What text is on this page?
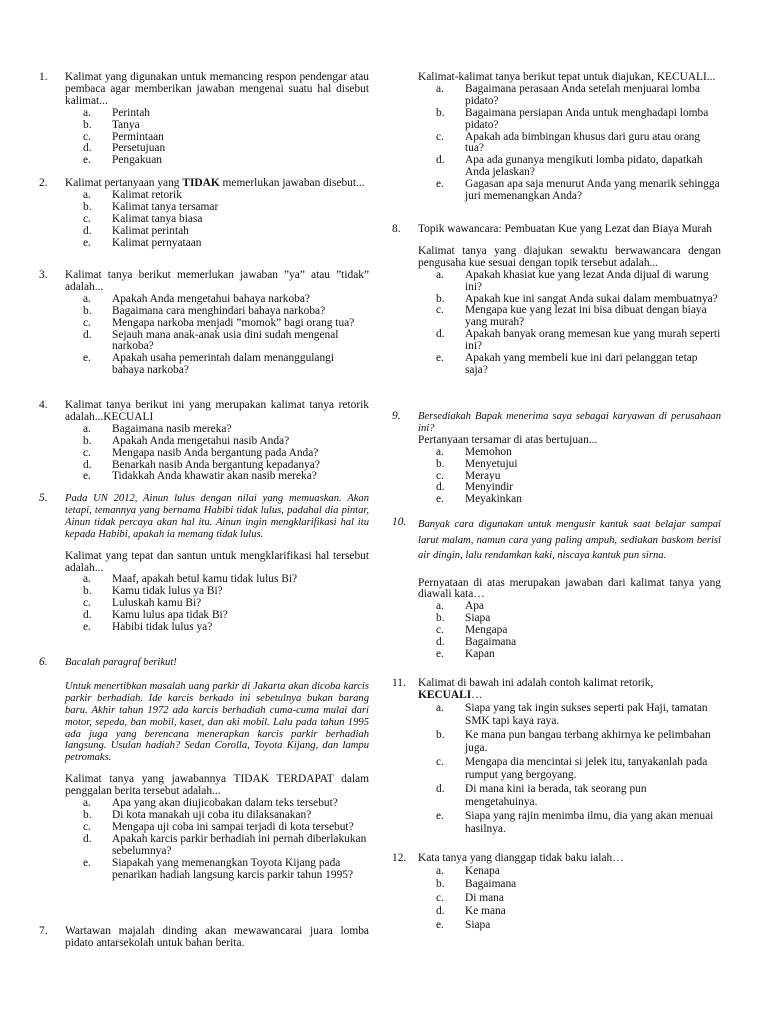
1. Kalimat yang digunakan untuk memancing respon pendengar atau pembaca agar memberikan jawaban mengenai suatu hal disebut kalimat...
a. Perintah
b. Tanya
c. Permintaan
d. Persetujuan
e. Pengakuan
2. Kalimat pertanyaan yang TIDAK memerlukan jawaban disebut...
a. Kalimat retorik
b. Kalimat tanya tersamar
c. Kalimat tanya biasa
d. Kalimat perintah
e. Kalimat pernyataan
3. Kalimat tanya berikut memerlukan jawaban ”ya” atau ”tidak” adalah...
a. Apakah Anda mengetahui bahaya narkoba?
b. Bagaimana cara menghindari bahaya narkoba?
c. Mengapa narkoba menjadi ”momok” bagi orang tua?
d. Sejauh mana anak-anak usia dini sudah mengenal narkoba?
e. Apakah usaha pemerintah dalam menanggulangi bahaya narkoba?
4. Kalimat tanya berikut ini yang merupakan kalimat tanya retorik adalah...KECUALI
a. Bagaimana nasib mereka?
b. Apakah Anda mengetahui nasib Anda?
c. Mengapa nasib Anda bergantung pada Anda?
d. Benarkah nasib Anda bergantung kepadanya?
e. Tidakkah Anda khawatir akan nasib mereka?
5. Pada UN 2012, Ainun lulus dengan nilai yang memuaskan. Akan tetapi, temannya yang bernama Habibi tidak lulus, padahal dia pintar, Ainun tidak percaya akan hal itu. Ainun ingin mengklarifikasi hal itu kepada Habibi, apakah ia memang tidak lulus.
Kalimat yang tepat dan santun untuk mengklarifikasi hal tersebut adalah...
a. Maaf, apakah betul kamu tidak lulus Bi?
b. Kamu tidak lulus ya Bi?
c. Luluskah kamu Bi?
d. Kamu lulus apa tidak Bi?
e. Habibi tidak lulus ya?
6. Bacalah paragraf berikut!
Untuk menertibkan masalah uang parkir di Jakarta akan dicoba karcis parkir berhadiah. Ide karcis berkado ini sebetulnya bukan barang baru. Akhir tahun 1972 ada karcis berhadiah cuma-cuma mulai dari motor, sepeda, ban mobil, kaset, dan aki mobil. Lalu pada tahun 1995 ada juga yang berencana menerapkan karcis parkir berhadiah langsung. Usulan hadiah? Sedan Corolla, Toyota Kijang, dan lampu petromaks.
Kalimat tanya yang jawabannya TIDAK TERDAPAT dalam penggalan berita tersebut adalah...
a. Apa yang akan diujicobakan dalam teks tersebut?
b. Di kota manakah uji coba itu dilaksanakan?
c. Mengapa uji coba ini sampai terjadi di kota tersebut?
d. Apakah karcis parkir berhadiah ini pernah diberlakukan sebelumnya?
e. Siapakah yang memenangkan Toyota Kijang pada penarikan hadiah langsung karcis parkir tahun 1995?
7. Wartawan majalah dinding akan mewawancarai juara lomba pidato antarsekolah untuk bahan berita.
Kalimat-kalimat tanya berikut tepat untuk diajukan, KECUALI...
a. Bagaimana perasaan Anda setelah menjuarai lomba pidato?
b. Bagaimana persiapan Anda untuk menghadapi lomba pidato?
c. Apakah ada bimbingan khusus dari guru atau orang tua?
d. Apa ada gunanya mengikuti lomba pidato, dapatkah Anda jelaskan?
e. Gagasan apa saja menurut Anda yang menarik sehingga juri memenangkan Anda?
8. Topik wawancara: Pembuatan Kue yang Lezat dan Biaya Murah
Kalimat tanya yang diajukan sewaktu berwawancara dengan pengusaha kue sesuai dengan topik tersebut adalah...
a. Apakah khasiat kue yang lezat Anda dijual di warung ini?
b. Apakah kue ini sangat Anda sukai dalam membuatnya?
c. Mengapa kue yang lezat ini bisa dibuat dengan biaya yang murah?
d. Apakah banyak orang memesan kue yang murah seperti ini?
e. Apakah yang membeli kue ini dari pelanggan tetap saja?
9. Bersediakah Bapak menerima saya sebagai karyawan di perusahaan ini?
Pertanyaan tersamar di atas bertujuan...
a. Memohon
b. Menyetujui
c. Merayu
d. Menyindir
e. Meyakinkan
10. Banyak cara digunakan untuk mengusir kantuk saat belajar sampai larut malam, namun cara yang paling ampuh, sediakan baskom berisi air dingin, lalu rendamkan kaki, niscaya kantuk pun sirna.
Pernyataan di atas merupakan jawaban dari kalimat tanya yang diawali kata…
a. Apa
b. Siapa
c. Mengapa
d. Bagaimana
e. Kapan
11. Kalimat di bawah ini adalah contoh kalimat retorik,
KECUALI…
a. Siapa yang tak ingin sukses seperti pak Haji, tamatan SMK tapi kaya raya.
b. Ke mana pun bangau terbang akhirnya ke pelimbahan juga.
c. Mengapa dia mencintai si jelek itu, tanyakanlah pada rumput yang bergoyang.
d. Di mana kini ia berada, tak seorang pun mengetahuinya.
e. Siapa yang rajin menimba ilmu, dia yang akan menuai hasilnya.
12. Kata tanya yang dianggap tidak baku ialah…
a. Kenapa
b. Bagaimana
c. Di mana
d. Ke mana
e. Siapa
